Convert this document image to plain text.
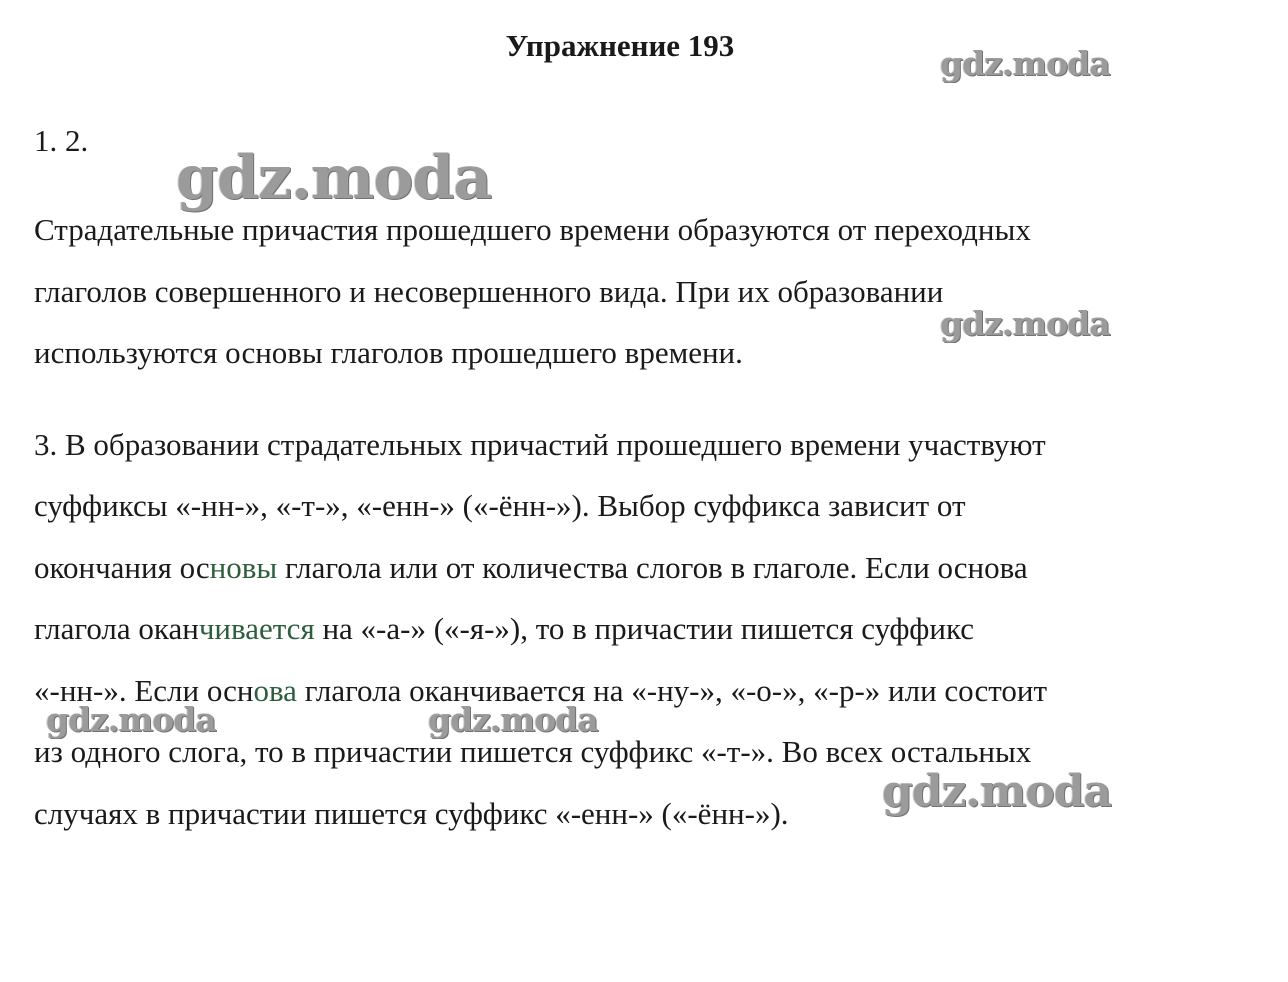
Упражнение 193
1. 2.
Страдательные причастия прошедшего времени образуются от переходных
глаголов совершенного и несовершенного вида. При их образовании
используются основы глаголов прошедшего времени.
3. В образовании страдательных причастий прошедшего времени участвуют
суффиксы «-нн-», «-т-», «-енн-» («-ённ-»). Выбор суффикса зависит от
окончания основы глагола или от количества слогов в глаголе. Если основа
глагола оканчивается на «-а-» («-я-»), то в причастии пишется суффикс
«-нн-». Если основа глагола оканчивается на «-ну-», «-о-», «-р-» или состоит
из одного слога, то в причастии пишется суффикс «-т-». Во всех остальных
случаях в причастии пишется суффикс «-енн-» («-ённ-»).
gdz.moda
gdz.moda
gdz.moda
gdz.moda	gdz.moda
gdz.moda
